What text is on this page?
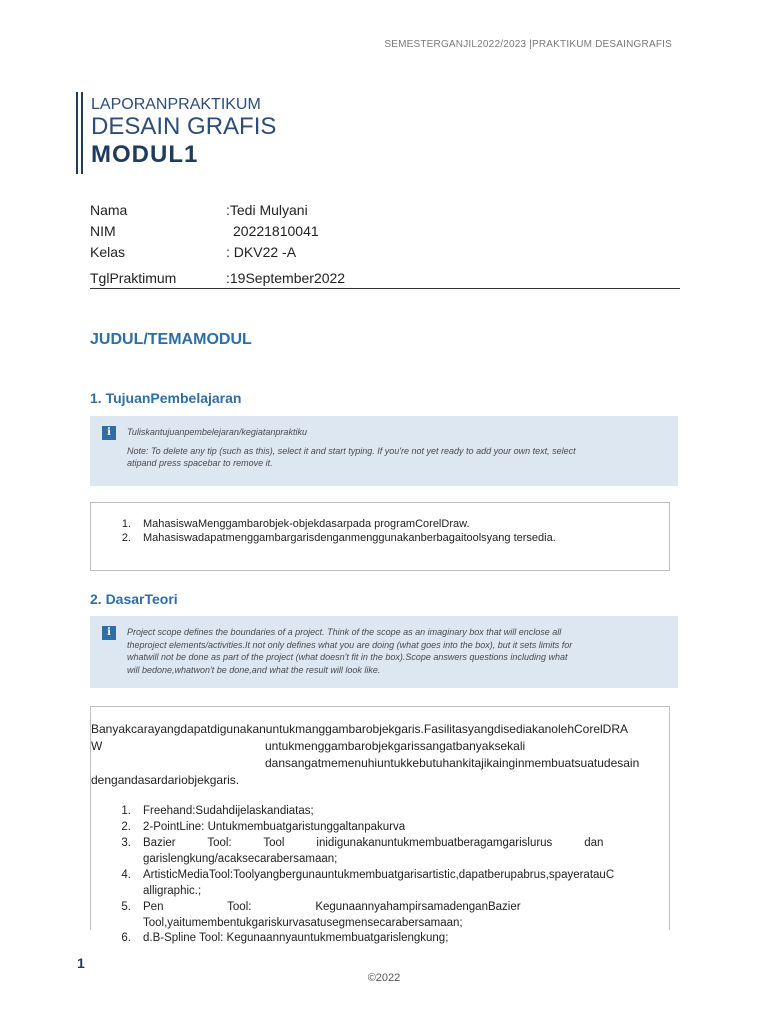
SEMESTERGANJIL2022/2023 |PRAKTIKUM DESAINGRAFIS
LAPORANPRAKTIKUM
DESAIN GRAFIS
MODUL1
Nama	:Tedi Mulyani
NIM	20221810041
Kelas	: DKV22 -A
TglPraktimum	:19September2022
JUDUL/TEMAMODUL
1. TujuanPembelajaran
i	Tuliskantujuanpembelejaran/kegiatanpraktiku

Note: To delete any tip (such as this), select it and start typing. If you're not yet ready to add your own text, select

atipand press spacebar to remove it.

1.	MahasiswaMenggambarobjek-objekdasarpada programCorelDraw.
2.	Mahasiswadapatmenggambargarisdenganmenggunakanberbagaitoolsyang tersedia.
2. DasarTeori
i	Project scope defines the boundaries of a project. Think of the scope as an imaginary box that will enclose all

theproject elements/activities.It not only defines what you are doing (what goes into the box), but it sets limits for

whatwill not be done as part of the project (what doesn't fit in the box).Scope answers questions including what

will bedone,whatwon't be done,and what the result will look like.

Banyakcarayangdapatdigunakanuntukmanggambarobjekgaris.FasilitasyangdisediakanolehCorelDRA

W	untukmenggambarobjekgarissangatbanyaksekali

dansangatmemenuhiuntukkebutuhankitajikainginmembuatsuatudesain

dengandasardariobjekgaris.

1.	Freehand:Sudahdijelaskandiatas;
2.	2-PointLine: Untukmembuatgaristunggaltanpakurva
3.	Bazier          Tool:          Tool          inidigunakanuntukmembuatberagamgarislurus          dan
garislengkung/acaksecarabersamaan;
4.	ArtisticMediaTool:Toolyangbergunauntukmembuatgarisartistic,dapatberupabrus,spayeratauC
alligraphic.;
5.	Pen                    Tool:                    KegunaannyahampirsamadenganBazier
Tool,yaitumembentukgariskurvasatusegmensecarabersamaan;
6.	d.B-Spline Tool: Kegunaannyauntukmembuatgarislengkung;
1
©2022
